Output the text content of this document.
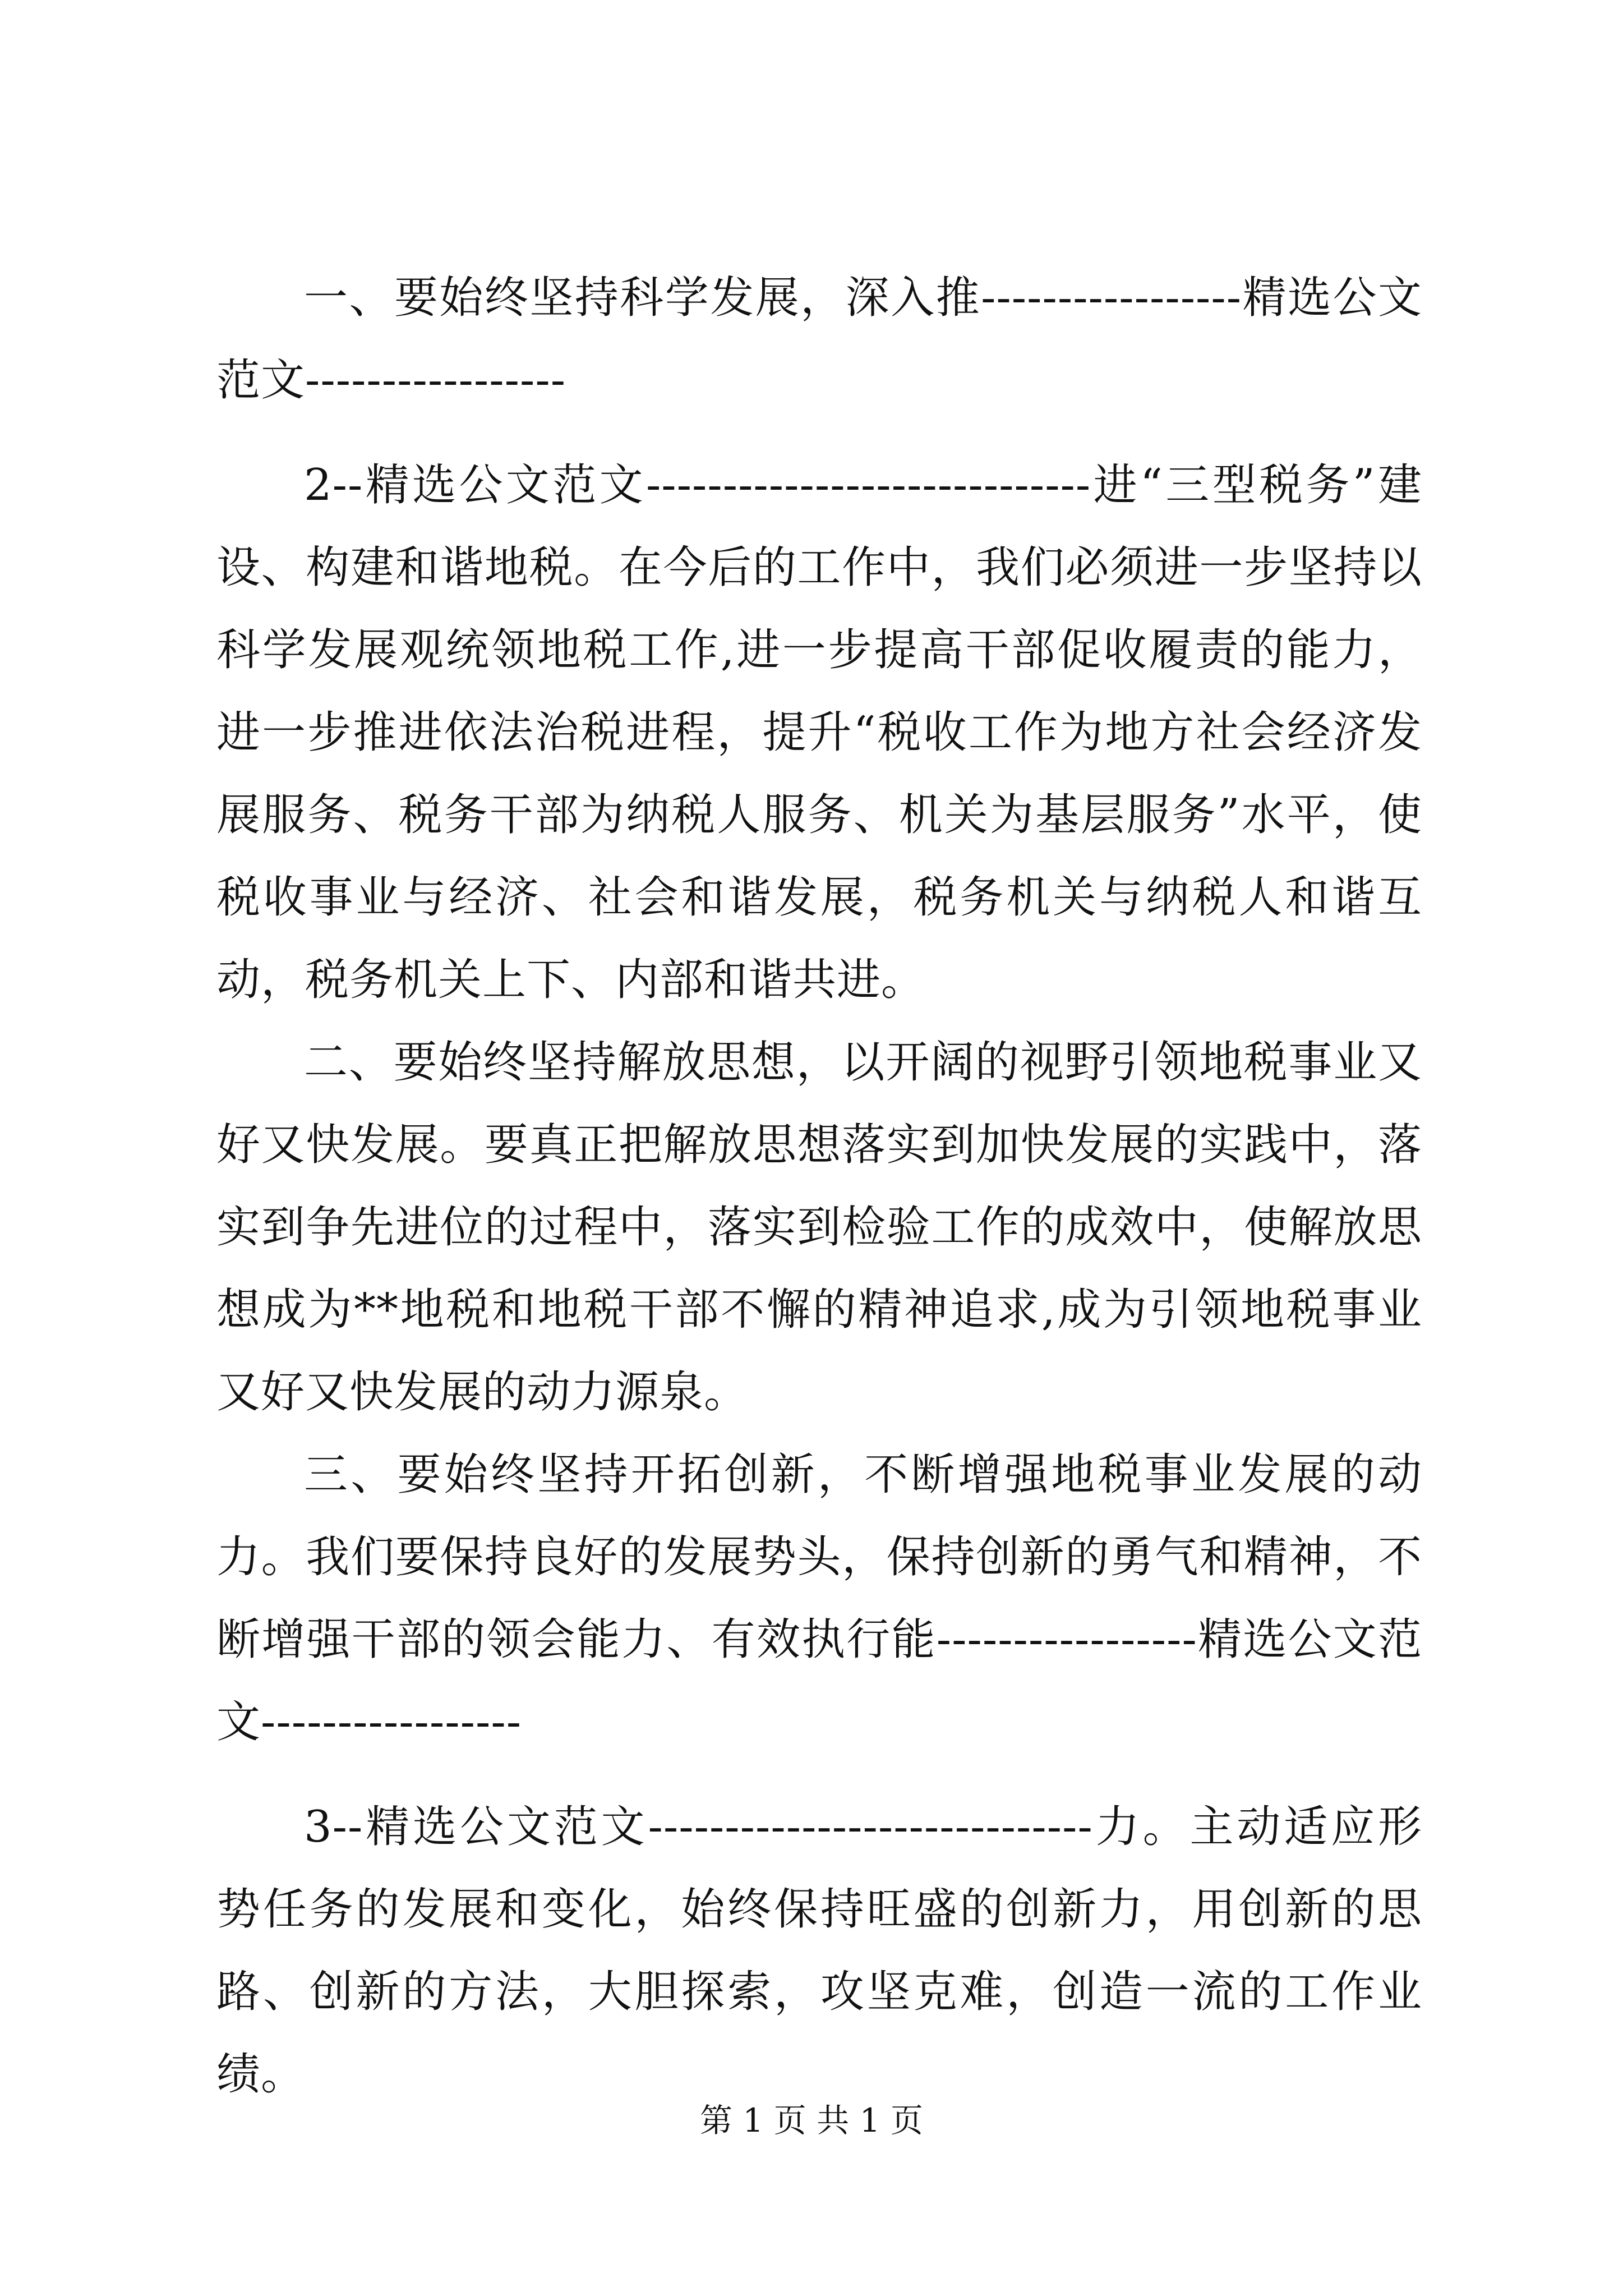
一、要始终坚持科学发展，深入推-----------------精选公文范文-----------------

2--精选公文范文-----------------------------进“三型税务”建设、构建和谐地税。在今后的工作中，我们必须进一步坚持以科学发展观统领地税工作,进一步提高干部促收履责的能力，进一步推进依法治税进程，提升“税收工作为地方社会经济发展服务、税务干部为纳税人服务、机关为基层服务”水平，使税收事业与经济、社会和谐发展，税务机关与纳税人和谐互动，税务机关上下、内部和谐共进。

二、要始终坚持解放思想，以开阔的视野引领地税事业又好又快发展。要真正把解放思想落实到加快发展的实践中，落实到争先进位的过程中，落实到检验工作的成效中，使解放思想成为**地税和地税干部不懈的精神追求,成为引领地税事业又好又快发展的动力源泉。

三、要始终坚持开拓创新，不断增强地税事业发展的动力。我们要保持良好的发展势头，保持创新的勇气和精神，不断增强干部的领会能力、有效执行能-----------------精选公文范文-----------------

3--精选公文范文-----------------------------力。主动适应形势任务的发展和变化，始终保持旺盛的创新力，用创新的思路、创新的方法，大胆探索，攻坚克难，创造一流的工作业绩。

第 1 页 共 1 页
